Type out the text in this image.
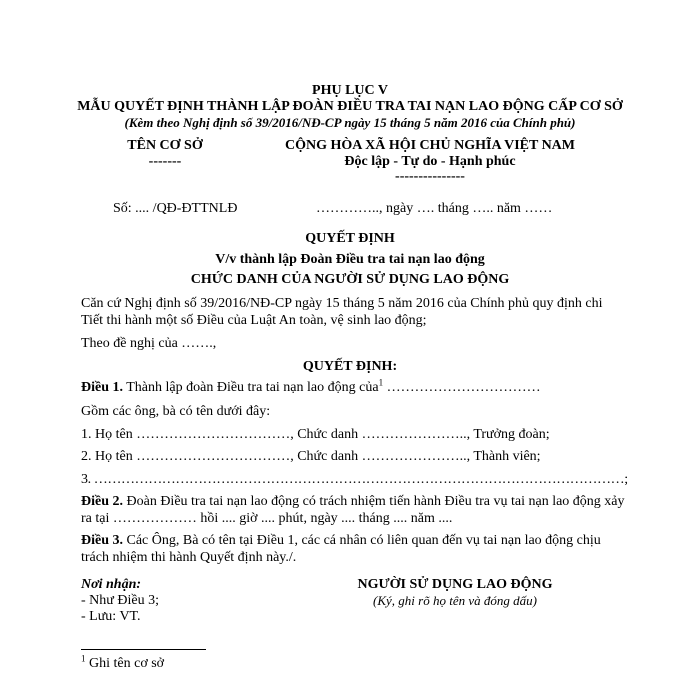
PHỤ LỤC V
MẪU QUYẾT ĐỊNH THÀNH LẬP ĐOÀN ĐIỀU TRA TAI NẠN LAO ĐỘNG CẤP CƠ SỞ
(Kèm theo Nghị định số 39/2016/NĐ-CP ngày 15 tháng 5 năm 2016 của Chính phủ)
TÊN CƠ SỞ
-------
CỘNG HÒA XÃ HỘI CHỦ NGHĨA VIỆT NAM
Độc lập - Tự do - Hạnh phúc
---------------
Số: .... /QĐ-ĐTTNLĐ	………….., ngày …. tháng ….. năm ……
QUYẾT ĐỊNH
V/v thành lập Đoàn Điều tra tai nạn lao động
CHỨC DANH CỦA NGƯỜI SỬ DỤNG LAO ĐỘNG
Căn cứ Nghị định số 39/2016/NĐ-CP ngày 15 tháng 5 năm 2016 của Chính phủ quy định chi
Tiết thi hành một số Điều của Luật An toàn, vệ sinh lao động;
Theo đề nghị của …….,
QUYẾT ĐỊNH:
Điều 1. Thành lập đoàn Điều tra tai nạn lao động của$^1$ ……………………………
Gồm các ông, bà có tên dưới đây:
1. Họ tên ……………………………, Chức danh ………………….., Trưởng đoàn;
2. Họ tên ……………………………, Chức danh ………………….., Thành viên;
3. ………………………………………………………………………………………………………;
Điều 2. Đoàn Điều tra tai nạn lao động có trách nhiệm tiến hành Điều tra vụ tai nạn lao động xảy
ra tại ……………… hồi .... giờ .... phút, ngày .... tháng .... năm ....
Điều 3. Các Ông, Bà có tên tại Điều 1, các cá nhân có liên quan đến vụ tai nạn lao động chịu
trách nhiệm thi hành Quyết định này./.
Nơi nhận:
- Như Điều 3;
- Lưu: VT.
NGƯỜI SỬ DỤNG LAO ĐỘNG
(Ký, ghi rõ họ tên và đóng dấu)
$^1$ Ghi tên cơ sở
